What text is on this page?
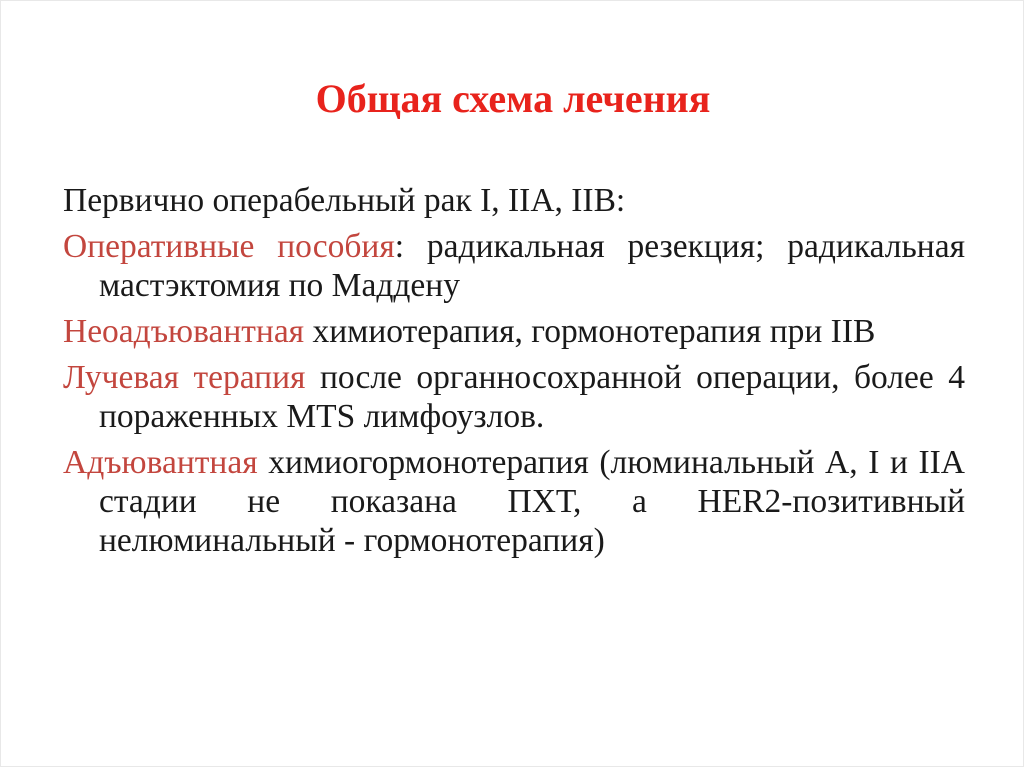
Общая схема лечения

Первично операбельный рак I, IIA, IIB:

Оперативные пособия: радикальная резекция; радикальная мастэктомия по Маддену

Неоадъювантная химиотерапия, гормонотерапия при IIB

Лучевая терапия после органносохранной операции, более 4 пораженных MTS лимфоузлов.

Адъювантная химиогормонотерапия (люминальный А, I и IIA стадии не показана ПХТ, а HER2-позитивный нелюминальный - гормонотерапия)
